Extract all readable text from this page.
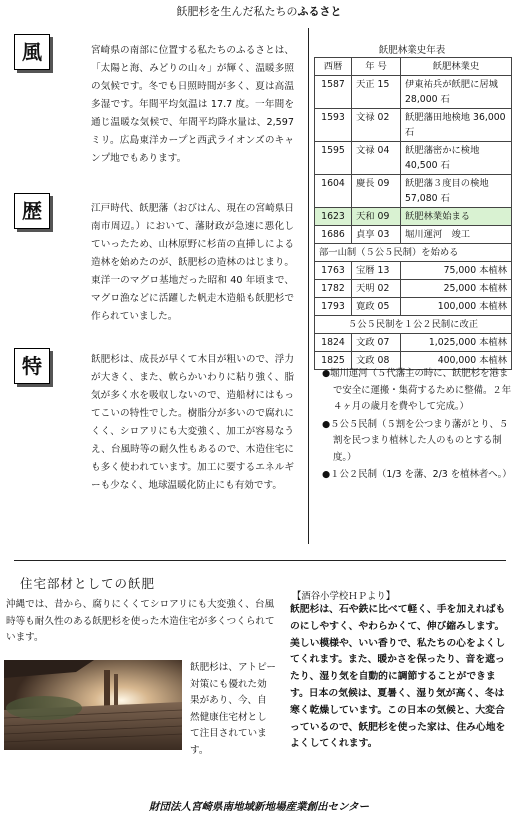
飫肥杉を生んだ私たちのふるさと
風	宮崎県の南部に位置する私たちのふるさとは、「太陽と海、みどりの山々」が輝く、温暖多照の気候です。冬でも日照時間が多く、夏は高温多湿です。年間平均気温は 17.7 度。一年間を通じ温暖な気候で、年間平均降水量は、2,597 ミリ。広島東洋カープと西武ライオンズのキャンプ地でもあります。
歴	江戸時代、飫肥藩（おびはん、現在の宮崎県日南市周辺。）において、藩財政が急速に悪化していったため、山林原野に杉苗の直挿しによる造林を始めたのが、飫肥杉の造林のはじまり。東洋一のマグロ基地だった昭和 40 年頃まで、マグロ漁などに活躍した帆走木造船も飫肥杉で作られていました。
特	飫肥杉は、成長が早くて木目が粗いので、浮力が大きく、また、軟らかいわりに粘り強く、脂気が多く水を吸収しないので、造船材にはもってこいの特性でした。樹脂分が多いので腐れにくく、シロアリにも大変強く、加工が容易なうえ、台風時等の耐久性もあるので、木造住宅にも多く使われています。加工に要するエネルギーも少なく、地球温暖化防止にも有効です。
飫肥林業史年表
西暦	年 号	飫肥林業史
1587	天正 15	伊東祐兵が飫肥に居城 28,000 石
1593	文禄 02	飫肥藩田地検地 36,000 石
1595	文禄 04	飫肥藩密かに検地 40,500 石
1604	慶長 09	飫肥藩３度目の検地 57,080 石
1623	天和 09	飫肥林業始まる
1686	貞享 03	堀川運河　竣工
部一山制（５公５民制）を始める		
1763	宝暦 13	75,000 本植林
1782	天明 02	25,000 本植林
1793	寛政 05	100,000 本植林
５公５民制を１公２民制に改正		
1824	文政 07	1,025,000 本植林
1825	文政 08	400,000 本植林
●堀川運河（５代藩主の時に、飫肥杉を港まで安全に運搬・集荷するために整備。２年４ヶ月の歳月を費やして完成。）
●５公５民制（５割を公つまり藩がとり、５割を民つまり植林した人のものとする制度。）
●１公２民制（1/3 を藩、2/3 を植林者へ。）
住宅部材としての飫肥
沖縄では、昔から、腐りにくくてシロアリにも大変強く、台風時等も耐久性のある飫肥杉を使った木造住宅が多くつくられています。
飫肥杉は、アトピー対策にも優れた効果があり、今、自然健康住宅材として注目されています。
【酒谷小学校ＨＰより】
飫肥杉は、石や鉄に比べて軽く、手を加えればものにしやすく、やわらかくて、伸び縮みします。美しい模様や、いい香りで、私たちの心をよくしてくれます。また、暖かさを保ったり、音を遮ったり、湿り気を自動的に調節することができます。日本の気候は、夏暑く、湿り気が高く、冬は寒く乾燥しています。この日本の気候と、大変合っているので、飫肥杉を使った家は、住み心地をよくしてくれます。
財団法人宮崎県南地域新地場産業創出センター
